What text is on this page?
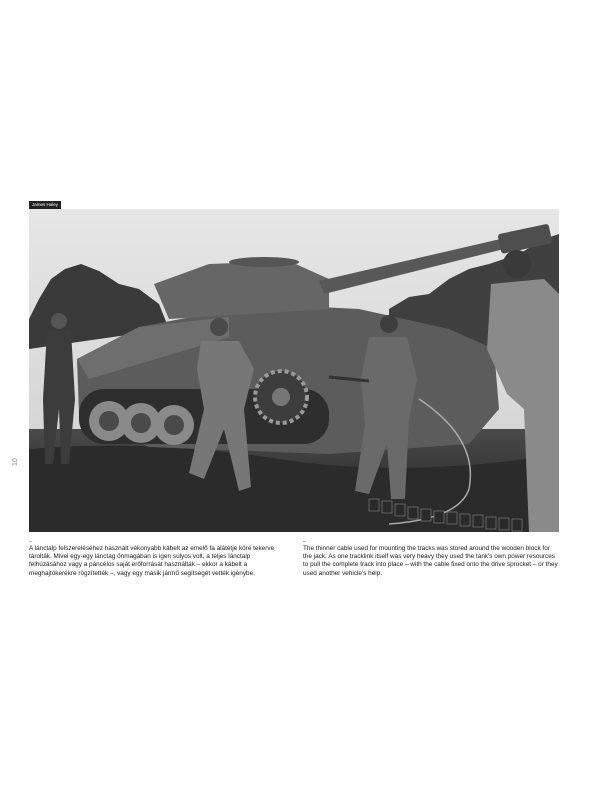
James Haley
10
–
A lánctalp felszereléséhez használt vékonyabb kábelt az emelő fa alátétje köré tekerve tárolták. Mivel egy-egy lánctag önmagában is igen súlyos volt, a teljes lánctalp felhúzásához vagy a páncélos saját erőforrását használták – ekkor a kábelt a meghajtókerékre rögzítették –, vagy egy másik jármű segítségét vették igénybe.
–
The thinner cable used for mounting the tracks was stored around the wooden block for the jack. As one tracklink itself was very heavy they used the tank's own power resources to pull the complete track into place – with the cable fixed onto the drive sprocket – or they used another vehicle's help.
